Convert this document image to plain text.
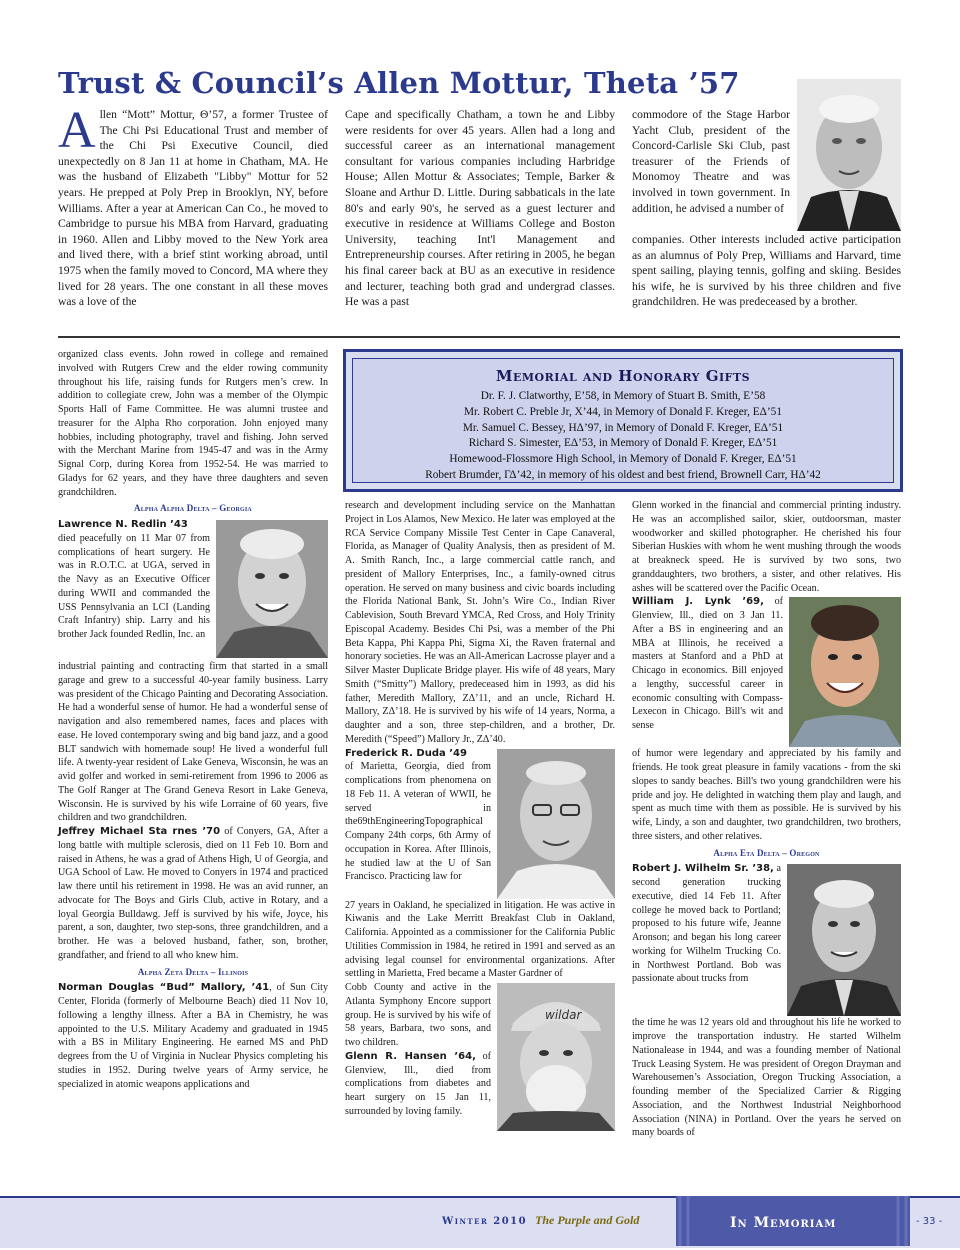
Trust & Council’s Allen Mottur, Theta ’57
Allen “Mott” Mottur, Θ’57, a former Trustee of The Chi Psi Educational Trust and member of the Chi Psi Executive Council, died unexpectedly on 8 Jan 11 at home in Chatham, MA. He was the husband of Elizabeth "Libby" Mottur for 52 years. He prepped at Poly Prep in Brooklyn, NY, before Williams. After a year at American Can Co., he moved to Cambridge to pursue his MBA from Harvard, graduating in 1960. Allen and Libby moved to the New York area and lived there, with a brief stint working abroad, until 1975 when the family moved to Concord, MA where they lived for 28 years. The one constant in all these moves was a love of the
Cape and specifically Chatham, a town he and Libby were residents for over 45 years. Allen had a long and successful career as an international management consultant for various companies including Harbridge House; Allen Mottur & Associates; Temple, Barker & Sloane and Arthur D. Little. During sabbaticals in the late 80's and early 90's, he served as a guest lecturer and executive in residence at Williams College and Boston University, teaching Int'l Management and Entrepreneurship courses. After retiring in 2005, he began his final career back at BU as an executive in residence and lecturer, teaching both grad and undergrad classes. He was a past
commodore of the Stage Harbor Yacht Club, president of the Concord-Carlisle Ski Club, past treasurer of the Friends of Monomoy Theatre and was involved in town government. In addition, he advised a number of
companies. Other interests included active participation as an alumnus of Poly Prep, Williams and Harvard, time spent sailing, playing tennis, golfing and skiing. Besides his wife, he is survived by his three children and five grandchildren. He was predeceased by a brother.
Memorial and Honorary Gifts
Dr. F. J. Clatworthy, E’58, in Memory of Stuart B. Smith, E’58
Mr. Robert C. Preble Jr, X’44, in Memory of Donald F. Kreger, EΔ’51
Mr. Samuel C. Bessey, HΔ’97, in Memory of Donald F. Kreger, EΔ’51
Richard S. Simester, EΔ’53, in Memory of Donald F. Kreger, EΔ’51
Homewood-Flossmore High School, in Memory of Donald F. Kreger, EΔ’51
Robert Brumder, ΓΔ’42, in memory of his oldest and best friend, Brownell Carr, HΔ’42

organized class events. John rowed in college and remained involved with Rutgers Crew and the elder rowing community throughout his life, raising funds for Rutgers men’s crew. In addition to collegiate crew, John was a member of the Olympic Sports Hall of Fame Committee. He was alumni trustee and treasurer for the Alpha Rho corporation. John enjoyed many hobbies, including photography, travel and fishing. John served with the Merchant Marine from 1945-47 and was in the Army Signal Corp, during Korea from 1952-54. He was married to Gladys for 62 years, and they have three daughters and seven grandchildren.

Alpha Alpha Delta – Georgia

Lawrence N. Redlin ’43

died peacefully on 11 Mar 07 from complications of heart surgery. He was in R.O.T.C. at UGA, served in the Navy as an Executive Officer during WWII and commanded the USS Pennsylvania an LCI (Landing Craft Infantry) ship. Larry and his brother Jack founded Redlin, Inc. an

industrial painting and contracting firm that started in a small garage and grew to a successful 40-year family business. Larry was president of the Chicago Painting and Decorating Association. He had a wonderful sense of humor. He had a wonderful sense of navigation and also remembered names, faces and places with ease. He loved contemporary swing and big band jazz, and a good BLT sandwich with homemade soup! He lived a wonderful full life. A twenty-year resident of Lake Geneva, Wisconsin, he was an avid golfer and worked in semi-retirement from 1996 to 2006 as The Golf Ranger at The Grand Geneva Resort in Lake Geneva, Wisconsin. He is survived by his wife Lorraine of 60 years, five children and two grandchildren.

Jeffrey Michael Sta rnes ’70 of Conyers, GA, After a long battle with multiple sclerosis, died on 11 Feb 10. Born and raised in Athens, he was a grad of Athens High, U of Georgia, and UGA School of Law. He moved to Conyers in 1974 and practiced law there until his retirement in 1998. He was an avid runner, an advocate for The Boys and Girls Club, active in Rotary, and a loyal Georgia Bulldawg. Jeff is survived by his wife, Joyce, his parent, a son, daughter, two step-sons, three grandchildren, and a brother. He was a beloved husband, father, son, brother, grandfather, and friend to all who knew him.

Alpha Zeta Delta – Illinois

Norman Douglas “Bud” Mallory, ’41, of Sun City Center, Florida (formerly of Melbourne Beach) died 11 Nov 10, following a lengthy illness. After a BA in Chemistry, he was appointed to the U.S. Military Academy and graduated in 1945 with a BS in Military Engineering. He earned MS and PhD degrees from the U of Virginia in Nuclear Physics completing his studies in 1952. During twelve years of Army service, he specialized in atomic weapons applications and

research and development including service on the Manhattan Project in Los Alamos, New Mexico. He later was employed at the RCA Service Company Missile Test Center in Cape Canaveral, Florida, as Manager of Quality Analysis, then as president of M. A. Smith Ranch, Inc., a large commercial cattle ranch, and president of Mallory Enterprises, Inc., a family-owned citrus operation. He served on many business and civic boards including the Florida National Bank, St. John’s Wire Co., Indian River Cablevision, South Brevard YMCA, Red Cross, and Holy Trinity Episcopal Academy. Besides Chi Psi, was a member of the Phi Beta Kappa, Phi Kappa Phi, Sigma Xi, the Raven fraternal and honorary societies. He was an All-American Lacrosse player and a Silver Master Duplicate Bridge player. His wife of 48 years, Mary Smith (“Smitty”) Mallory, predeceased him in 1993, as did his father, Meredith Mallory, ZΔ’11, and an uncle, Richard H. Mallory, ZΔ’18. He is survived by his wife of 14 years, Norma, a daughter and a son, three step-children, and a brother, Dr. Meredith (“Speed”) Mallory Jr., ZΔ’40.

Frederick R. Duda ’49

of Marietta, Georgia, died from complications from phenomena on 18 Feb 11. A veteran of WWII, he served in the69thEngineeringTopographical Company 24th corps, 6th Army of occupation in Korea. After Illinois, he studied law at the U of San Francisco. Practicing law for

27 years in Oakland, he specialized in litigation. He was active in Kiwanis and the Lake Merritt Breakfast Club in Oakland, California. Appointed as a commissioner for the California Public Utilities Commission in 1984, he retired in 1991 and served as an advising legal counsel for environmental organizations. After settling in Marietta, Fred became a Master Gardner of

wildar

Cobb County and active in the Atlanta Symphony Encore support group. He is survived by his wife of 58 years, Barbara, two sons, and two children.

Glenn R. Hansen ’64, of Glenview, Ill., died from complications from diabetes and heart surgery on 15 Jan 11, surrounded by loving family.

Glenn worked in the financial and commercial printing industry. He was an accomplished sailor, skier, outdoorsman, master woodworker and skilled photographer. He cherished his four Siberian Huskies with whom he went mushing through the woods at breakneck speed. He is survived by two sons, two granddaughters, two brothers, a sister, and other relatives. His ashes will be scattered over the Pacific Ocean.

William J. Lynk ’69, of Glenview, Ill., died on 3 Jan 11. After a BS in engineering and an MBA at Illinois, he received a masters at Stanford and a PhD at Chicago in economics. Bill enjoyed a lengthy, successful career in economic consulting with Compass-Lexecon in Chicago. Bill's wit and sense

of humor were legendary and appreciated by his family and friends. He took great pleasure in family vacations - from the ski slopes to sandy beaches. Bill's two young grandchildren were his pride and joy. He delighted in watching them play and laugh, and spent as much time with them as possible. He is survived by his wife, Lindy, a son and daughter, two grandchildren, two brothers, three sisters, and other relatives.

Alpha Eta Delta – Oregon

Robert J. Wilhelm Sr. ’38, a second generation trucking executive, died 14 Feb 11. After college he moved back to Portland; proposed to his future wife, Jeanne Aronson; and began his long career working for Wilhelm Trucking Co. in Northwest Portland. Bob was passionate about trucks from

the time he was 12 years old and throughout his life he worked to improve the transportation industry. He started Wilhelm Nationalease in 1944, and was a founding member of National Truck Leasing System. He was president of Oregon Drayman and Warehousemen’s Association, Oregon Trucking Association, a founding member of the Specialized Carrier & Rigging Association, and the Northwest Industrial Neighborhood Association (NINA) in Portland. Over the years he served on many boards of

Winter 2010 The Purple and Gold	In Memoriam	- 33 -
